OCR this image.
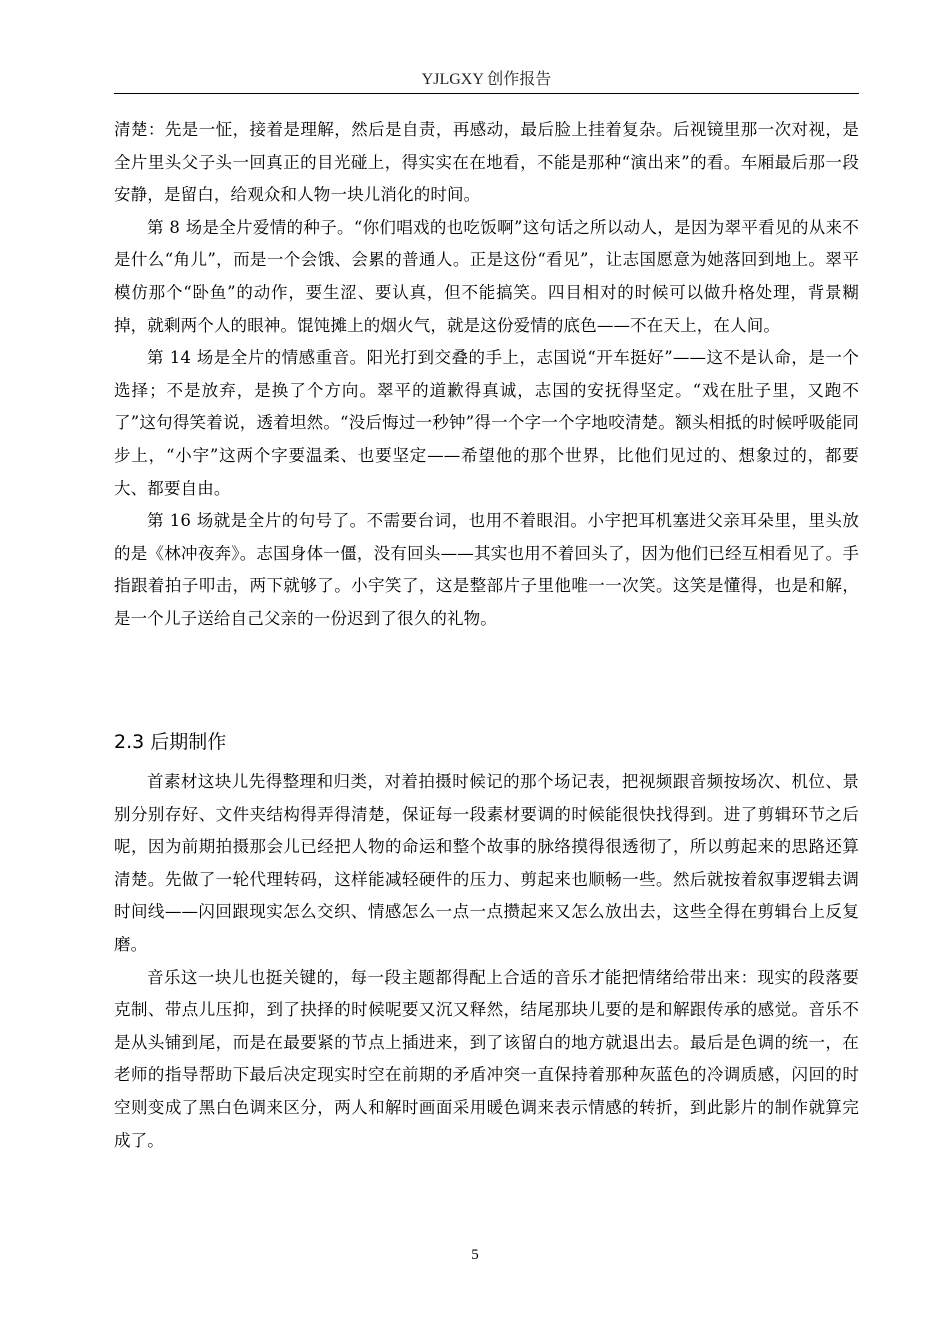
YJLGXY 创作报告

清楚：先是一怔，接着是理解，然后是自责，再感动，最后脸上挂着复杂。后视镜里那一次对视，是全片里头父子头一回真正的目光碰上，得实实在在地看，不能是那种“演出来”的看。车厢最后那一段安静，是留白，给观众和人物一块儿消化的时间。

第 8 场是全片爱情的种子。“你们唱戏的也吃饭啊”这句话之所以动人，是因为翠平看见的从来不是什么“角儿”，而是一个会饿、会累的普通人。正是这份“看见”，让志国愿意为她落回到地上。翠平模仿那个“卧鱼”的动作，要生涩、要认真，但不能搞笑。四目相对的时候可以做升格处理，背景糊掉，就剩两个人的眼神。馄饨摊上的烟火气，就是这份爱情的底色——不在天上，在人间。

第 14 场是全片的情感重音。阳光打到交叠的手上，志国说“开车挺好”——这不是认命，是一个选择；不是放弃，是换了个方向。翠平的道歉得真诚，志国的安抚得坚定。“戏在肚子里，又跑不了”这句得笑着说，透着坦然。“没后悔过一秒钟”得一个字一个字地咬清楚。额头相抵的时候呼吸能同步上，“小宇”这两个字要温柔、也要坚定——希望他的那个世界，比他们见过的、想象过的，都要大、都要自由。

第 16 场就是全片的句号了。不需要台词，也用不着眼泪。小宇把耳机塞进父亲耳朵里，里头放的是《林冲夜奔》。志国身体一僵，没有回头——其实也用不着回头了，因为他们已经互相看见了。手指跟着拍子叩击，两下就够了。小宇笑了，这是整部片子里他唯一一次笑。这笑是懂得，也是和解，是一个儿子送给自己父亲的一份迟到了很久的礼物。

2.3 后期制作

首素材这块儿先得整理和归类，对着拍摄时候记的那个场记表，把视频跟音频按场次、机位、景别分别存好、文件夹结构得弄得清楚，保证每一段素材要调的时候能很快找得到。进了剪辑环节之后呢，因为前期拍摄那会儿已经把人物的命运和整个故事的脉络摸得很透彻了，所以剪起来的思路还算清楚。先做了一轮代理转码，这样能减轻硬件的压力、剪起来也顺畅一些。然后就按着叙事逻辑去调时间线——闪回跟现实怎么交织、情感怎么一点一点攒起来又怎么放出去，这些全得在剪辑台上反复磨。

音乐这一块儿也挺关键的，每一段主题都得配上合适的音乐才能把情绪给带出来：现实的段落要克制、带点儿压抑，到了抉择的时候呢要又沉又释然，结尾那块儿要的是和解跟传承的感觉。音乐不是从头铺到尾，而是在最要紧的节点上插进来，到了该留白的地方就退出去。最后是色调的统一，在老师的指导帮助下最后决定现实时空在前期的矛盾冲突一直保持着那种灰蓝色的冷调质感，闪回的时空则变成了黑白色调来区分，两人和解时画面采用暖色调来表示情感的转折，到此影片的制作就算完成了。

5
